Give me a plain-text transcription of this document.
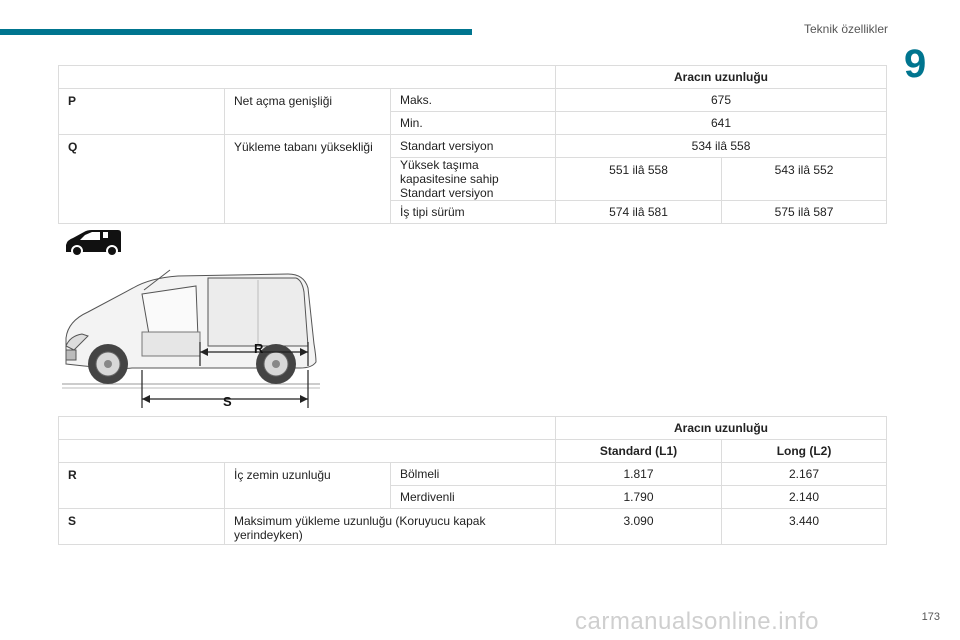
Teknik özellikler
9
			Aracın uzunluğu	
P	Net açma genişliği	Maks.	675	
		Min.	641	
Q	Yükleme tabanı yüksekliği	Standart versiyon	534 ilâ 558	
		Yüksek taşıma kapasitesine sahip Standart versiyon	551 ilâ 558	543 ilâ 552
		İş tipi sürüm	574 ilâ 581	575 ilâ 587
R
S
			Aracın uzunluğu	
			Standard (L1)	Long (L2)
R	İç zemin uzunluğu	Bölmeli	1.817	2.167
		Merdivenli	1.790	2.140
S	Maksimum yükleme uzunluğu (Koruyucu kapak yerindeyken)		3.090	3.440
carmanualsonline.info	173
